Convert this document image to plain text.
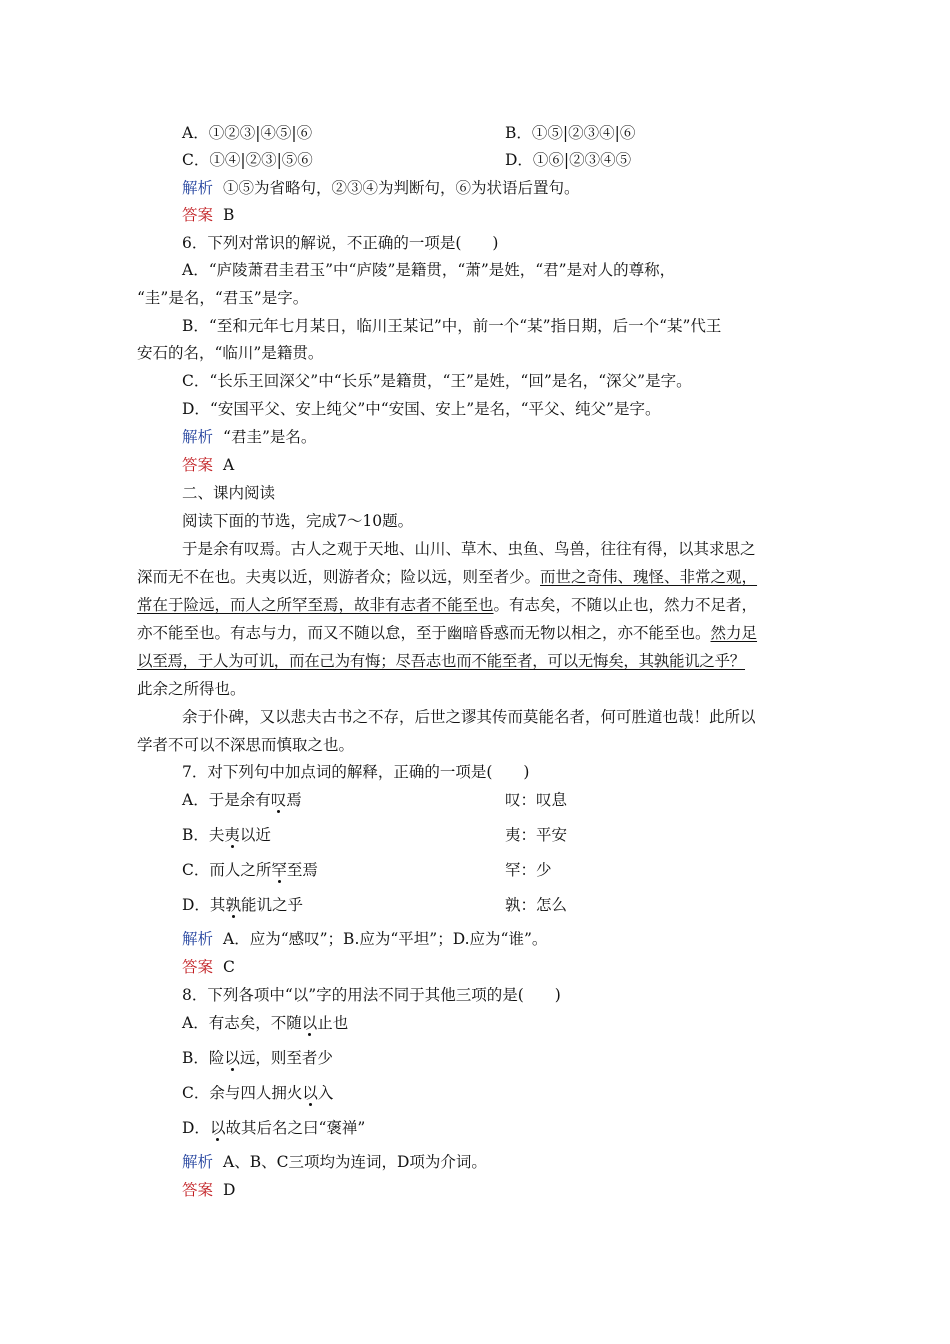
A．①②③|④⑤|⑥	B．①⑤|②③④|⑥
C．①④|②③|⑤⑥	D．①⑥|②③④⑤
解析 ①⑤为省略句，②③④为判断句，⑥为状语后置句。
答案 B
6．下列对常识的解说，不正确的一项是(　　)
A．“庐陵萧君圭君玉”中“庐陵”是籍贯，“萧”是姓，“君”是对人的尊称，
“圭”是名，“君玉”是字。
B．“至和元年七月某日，临川王某记”中，前一个“某”指日期，后一个“某”代王
安石的名，“临川”是籍贯。
C．“长乐王回深父”中“长乐”是籍贯，“王”是姓，“回”是名，“深父”是字。
D．“安国平父、安上纯父”中“安国、安上”是名，“平父、纯父”是字。
解析 “君圭”是名。
答案 A
二、课内阅读
阅读下面的节选，完成7～10题。
于是余有叹焉。古人之观于天地、山川、草木、虫鱼、鸟兽，往往有得，以其求思之
深而无不在也。夫夷以近，则游者众；险以远，则至者少。而世之奇伟、瑰怪、非常之观，
常在于险远，而人之所罕至焉，故非有志者不能至也。有志矣，不随以止也，然力不足者，
亦不能至也。有志与力，而又不随以怠，至于幽暗昏惑而无物以相之，亦不能至也。然力足
以至焉，于人为可讥，而在己为有悔；尽吾志也而不能至者，可以无悔矣，其孰能讥之乎？
此余之所得也。
余于仆碑，又以悲夫古书之不存，后世之谬其传而莫能名者，何可胜道也哉！此所以
学者不可以不深思而慎取之也。
7．对下列句中加点词的解释，正确的一项是(　　)
A．于是余有叹焉	叹：叹息
B．夫夷以近	夷：平安
C．而人之所罕至焉	罕：少
D．其孰能讥之乎	孰：怎么
解析 A．应为“感叹”；B.应为“平坦”；D.应为“谁”。
答案 C
8．下列各项中“以”字的用法不同于其他三项的是(　　)
A．有志矣，不随以止也
B．险以远，则至者少
C．余与四人拥火以入
D．以故其后名之曰“褒禅”
解析 A、B、C三项均为连词，D项为介词。
答案 D
